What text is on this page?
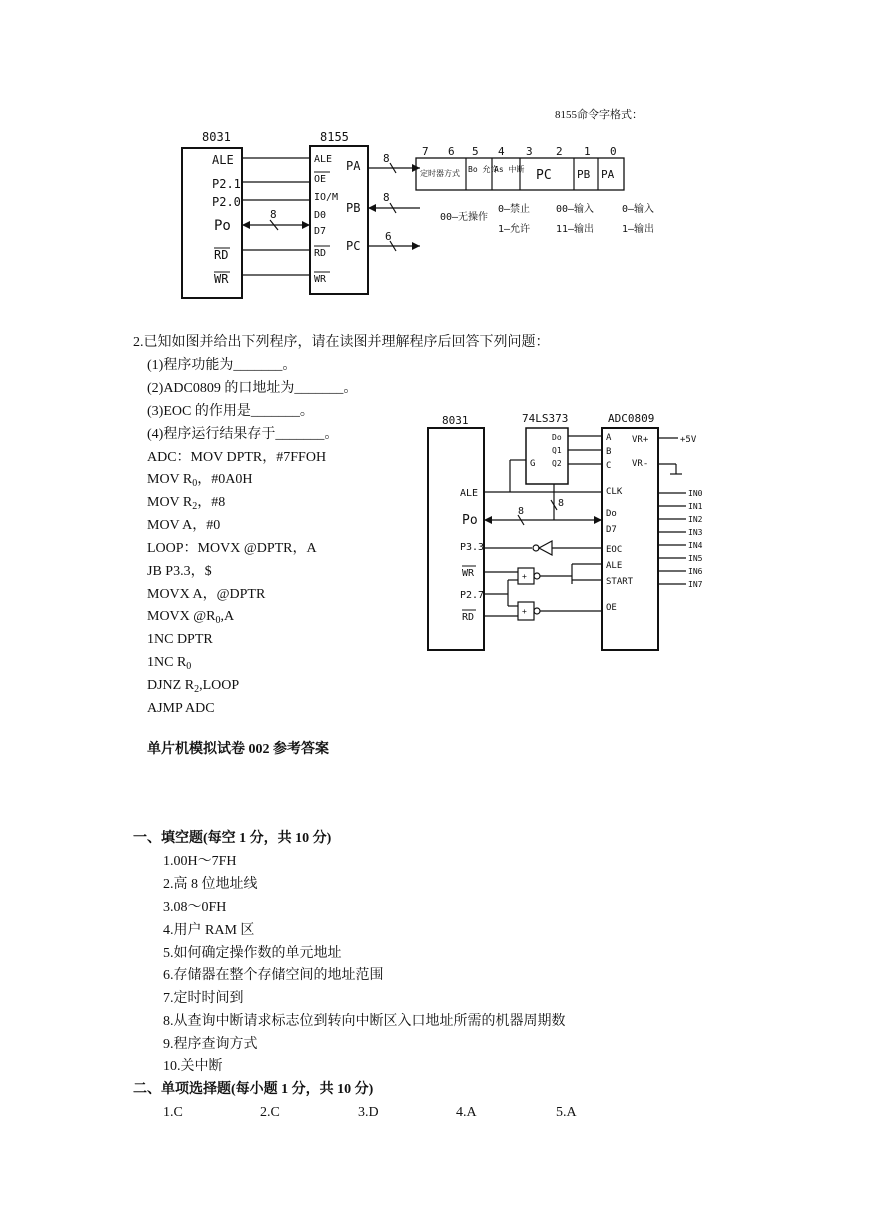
8155命令字格式：
8031
ALE
P2.1
P2.0
Po
RD
WR
8155
ALE
OE
IO/M
D0
D7
RD
WR
PA
PB
PC
8
8
8
6
7 6 5 4 3 2 1 0
定时器方式 Bo 允许
As 中断 PC PB PA
00—无操作
0—禁止
1—允许
00—输入
11—输出
0—输入
1—输出
2.已知如图并给出下列程序，请在读图并理解程序后回答下列问题：
(1)程序功能为_______。
(2)ADC0809 的口地址为_______。
(3)EOC 的作用是_______。
(4)程序运行结果存于_______。
ADC：MOV DPTR，#7FFOH
MOV $R_0$，#0A0H
MOV $R_2$，#8
MOV A，#0
LOOP：MOVX @DPTR，A
JB P3.3，$
MOVX A，@DPTR
MOVX $@R_0,A$
1NC DPTR
1NC $R_0$
DJNZ $R_2,LOOP$
AJMP ADC
8031	74LS373	ADC0809
ALE
Po
P3.3
WR
P2.7
RD
Do
Q1
Q2
G
A
B
C
CLK
Do
D7
EOC
ALE
START
OE
VR+
VR-
+5V
IN0
IN1
IN2
IN3
IN4
IN5
IN6
IN7
8
8
+
+
单片机模拟试卷 002 参考答案
一、填空题(每空 1 分，共 10 分)
1.00H～7FH
2.高 8 位地址线
3.08～0FH
4.用户 RAM 区
5.如何确定操作数的单元地址
6.存储器在整个存储空间的地址范围
7.定时时间到
8.从查询中断请求标志位到转向中断区入口地址所需的机器周期数
9.程序查询方式
10.关中断
二、单项选择题(每小题 1 分，共 10 分)
1.C	2.C	3.D	4.A	5.A
